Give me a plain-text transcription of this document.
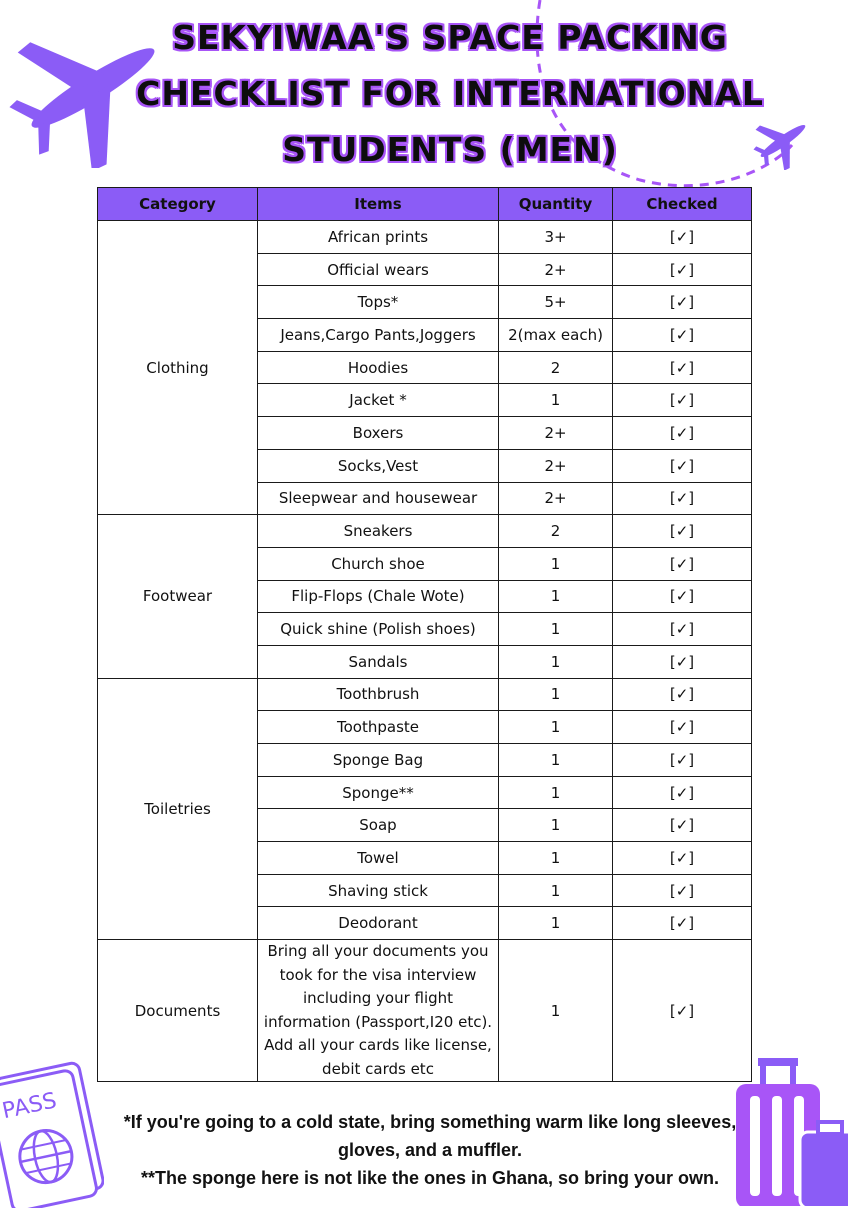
SEKYIWAA'S SPACE PACKING CHECKLIST FOR INTERNATIONAL STUDENTS (MEN)
Category	Items	Quantity	Checked
Clothing	African prints	3+	[✓]
	Official wears	2+	[✓]
	Tops*	5+	[✓]
	Jeans,Cargo Pants,Joggers	2(max each)	[✓]
	Hoodies	2	[✓]
	Jacket *	1	[✓]
	Boxers	2+	[✓]
	Socks,Vest	2+	[✓]
	Sleepwear and housewear	2+	[✓]
Footwear	Sneakers	2	[✓]
	Church shoe	1	[✓]
	Flip-Flops (Chale Wote)	1	[✓]
	Quick shine (Polish shoes)	1	[✓]
	Sandals	1	[✓]
Toiletries	Toothbrush	1	[✓]
	Toothpaste	1	[✓]
	Sponge Bag	1	[✓]
	Sponge**	1	[✓]
	Soap	1	[✓]
	Towel	1	[✓]
	Shaving stick	1	[✓]
	Deodorant	1	[✓]
Documents	Bring all your documents you took for the visa interview including your flight information (Passport,I20 etc). Add all your cards like license, debit cards etc	1	[✓]
*If you're going to a cold state, bring something warm like long sleeves, gloves, and a muffler.
**The sponge here is not like the ones in Ghana, so bring your own.
PASS
